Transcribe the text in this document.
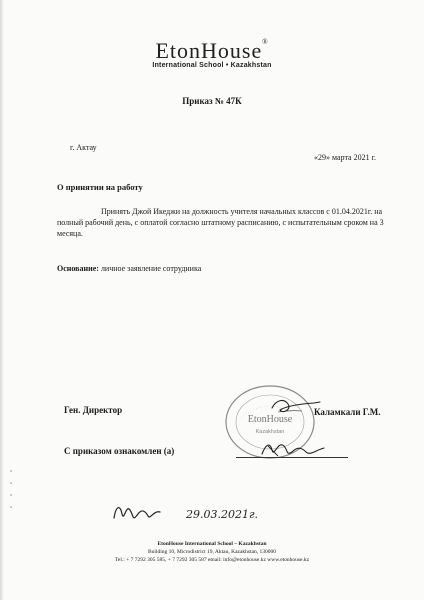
EtonHouse®
International School • Kazakhstan
Приказ № 47К
г. Актау
«29» марта 2021 г.
О принятии на работу
Принять Джой Икеджи на должность учителя начальных классов с 01.04.2021г. на полный рабочий день, с оплатой согласно штатному расписанию, с испытательным сроком на 3 месяца.
Основание: личное заявление сотрудника
EtonHouse
Kazakhstan
Ген. Директор	Каламкали Г.М.
С приказом ознакомлен (а)
29.03.2021г.
EtonHouse International School – Kazakhstan
Building 10, Microdistrict 19, Aktau, Kazakhstan, 130000
Tel.: + 7 7292 305 585, + 7 7292 305 587 email: info@etonhouse.kz www.etonhouse.kz
